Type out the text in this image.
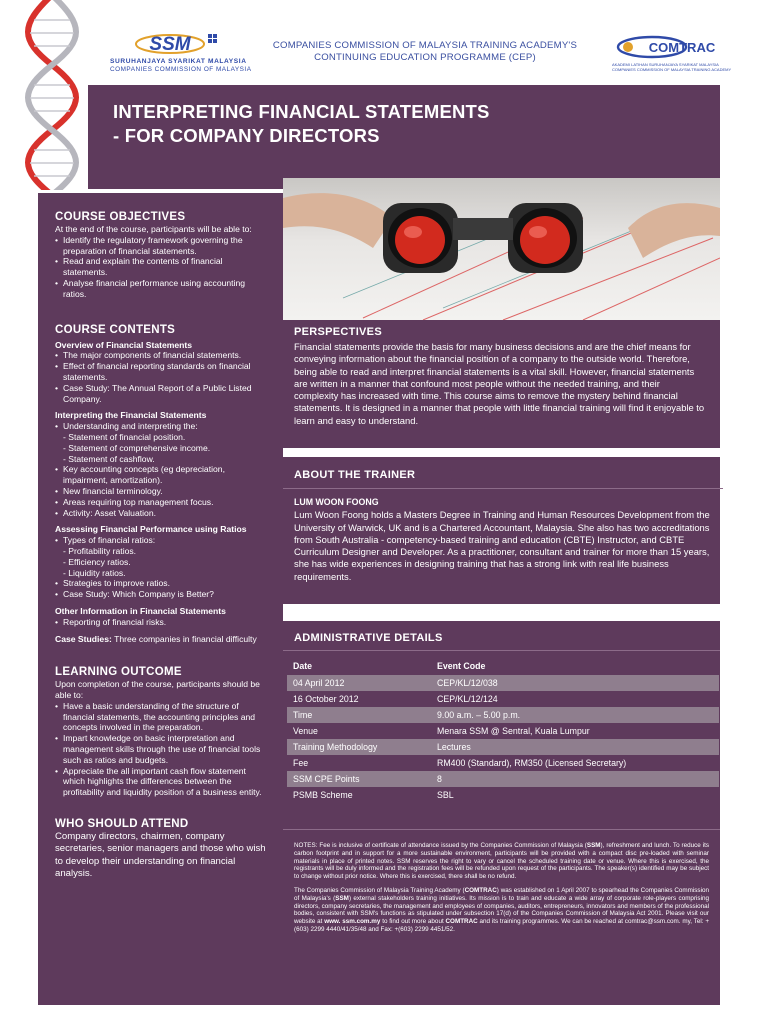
SSM
SURUHANJAYA SYARIKAT MALAYSIA
COMPANIES COMMISSION OF MALAYSIA
COMPANIES COMMISSION OF MALAYSIA TRAINING ACADEMY'S
CONTINUING EDUCATION PROGRAMME (CEP)
COMTRAC
AKADEMI LATIHAN SURUHANJAYA SYARIKAT MALAYSIA
COMPANIES COMMISSION OF MALAYSIA TRAINING ACADEMY
INTERPRETING FINANCIAL STATEMENTS
- FOR COMPANY DIRECTORS
COURSE OBJECTIVES

At the end of the course, participants will be able to:

• Identify the regulatory framework governing the preparation of financial statements.

• Read and explain the contents of financial statements.

• Analyse financial performance using accounting ratios.

COURSE CONTENTS

Overview of Financial Statements

• The major components of financial statements.

• Effect of financial reporting standards on financial statements.

• Case Study: The Annual Report of a Public Listed Company.

Interpreting the Financial Statements

• Understanding and interpreting the:

- Statement of financial position.

- Statement of comprehensive income.

- Statement of cashflow.

• Key accounting concepts (eg depreciation, impairment, amortization).

• New financial terminology.

• Areas requiring top management focus.

• Activity: Asset Valuation.

Assessing Financial Performance using Ratios

• Types of financial ratios:

- Profitability ratios.

- Efficiency ratios.

- Liquidity ratios.

• Strategies to improve ratios.

• Case Study: Which Company is Better?

Other Information in Financial Statements

• Reporting of financial risks.

Case Studies: Three companies in financial difficulty

LEARNING OUTCOME

Upon completion of the course, participants should be able to:

• Have a basic understanding of the structure of financial statements, the accounting principles and concepts involved in the preparation.

• Impart knowledge on basic interpretation and management skills through the use of financial tools such as ratios and budgets.

• Appreciate the all important cash flow statement which highlights the differences between the profitability and liquidity position of a business entity.

WHO SHOULD ATTEND

Company directors, chairmen, company secretaries, senior managers and those who wish to develop their understanding on financial analysis.

PERSPECTIVES

Financial statements provide the basis for many business decisions and are the chief means for conveying information about the financial position of a company to the outside world. Therefore, being able to read and interpret financial statements is a vital skill. However, financial statements are written in a manner that confound most people without the needed training, and their complexity has increased with time. This course aims to remove the mystery behind financial statements. It is designed in a manner that people with little financial training will find it enjoyable to learn and easy to understand.

ABOUT THE TRAINER

LUM WOON FOONG

Lum Woon Foong holds a Masters Degree in Training and Human Resources Development from the University of Warwick, UK and is a Chartered Accountant, Malaysia. She also has two accreditations from South Australia - competency-based training and education (CBTE) Instructor, and CBTE Curriculum Designer and Developer. As a practitioner, consultant and trainer for more than 15 years, she has wide experiences in designing training that has a strong link with real life business requirements.

ADMINISTRATIVE DETAILS
Date	Event Code
04 April 2012	CEP/KL/12/038
16 October 2012	CEP/KL/12/124
Time	9.00 a.m. – 5.00 p.m.
Venue	Menara SSM @ Sentral, Kuala Lumpur
Training Methodology	Lectures
Fee	RM400 (Standard), RM350 (Licensed Secretary)
SSM CPE Points	8
PSMB Scheme	SBL

NOTES: Fee is inclusive of certificate of attendance issued by the Companies Commission of Malaysia (SSM), refreshment and lunch. To reduce its carbon footprint and in support for a more sustainable environment, participants will be provided with a compact disc pre-loaded with seminar materials in place of printed notes. SSM reserves the right to vary or cancel the scheduled training date or venue. Where this is exercised, the registrants will be duly informed and the registration fees will be refunded upon request of the participants. The speaker(s) identified may be subject to change without prior notice. Where this is exercised, there shall be no refund.

The Companies Commission of Malaysia Training Academy (COMTRAC) was established on 1 April 2007 to spearhead the Companies Commission of Malaysia's (SSM) external stakeholders training initiatives. Its mission is to train and educate a wide array of corporate role-players comprising directors, company secretaries, the management and employees of companies, auditors, entrepreneurs, innovators and members of the professional bodies, consistent with SSM's functions as stipulated under subsection 17(d) of the Companies Commission of Malaysia Act 2001. Please visit our website at www. ssm.com.my to find out more about COMTRAC and its training programmes. We can be reached at comtrac@ssm.com. my, Tel: +(603) 2299 4440/41/35/48 and Fax: +(603) 2299 4451/52.
